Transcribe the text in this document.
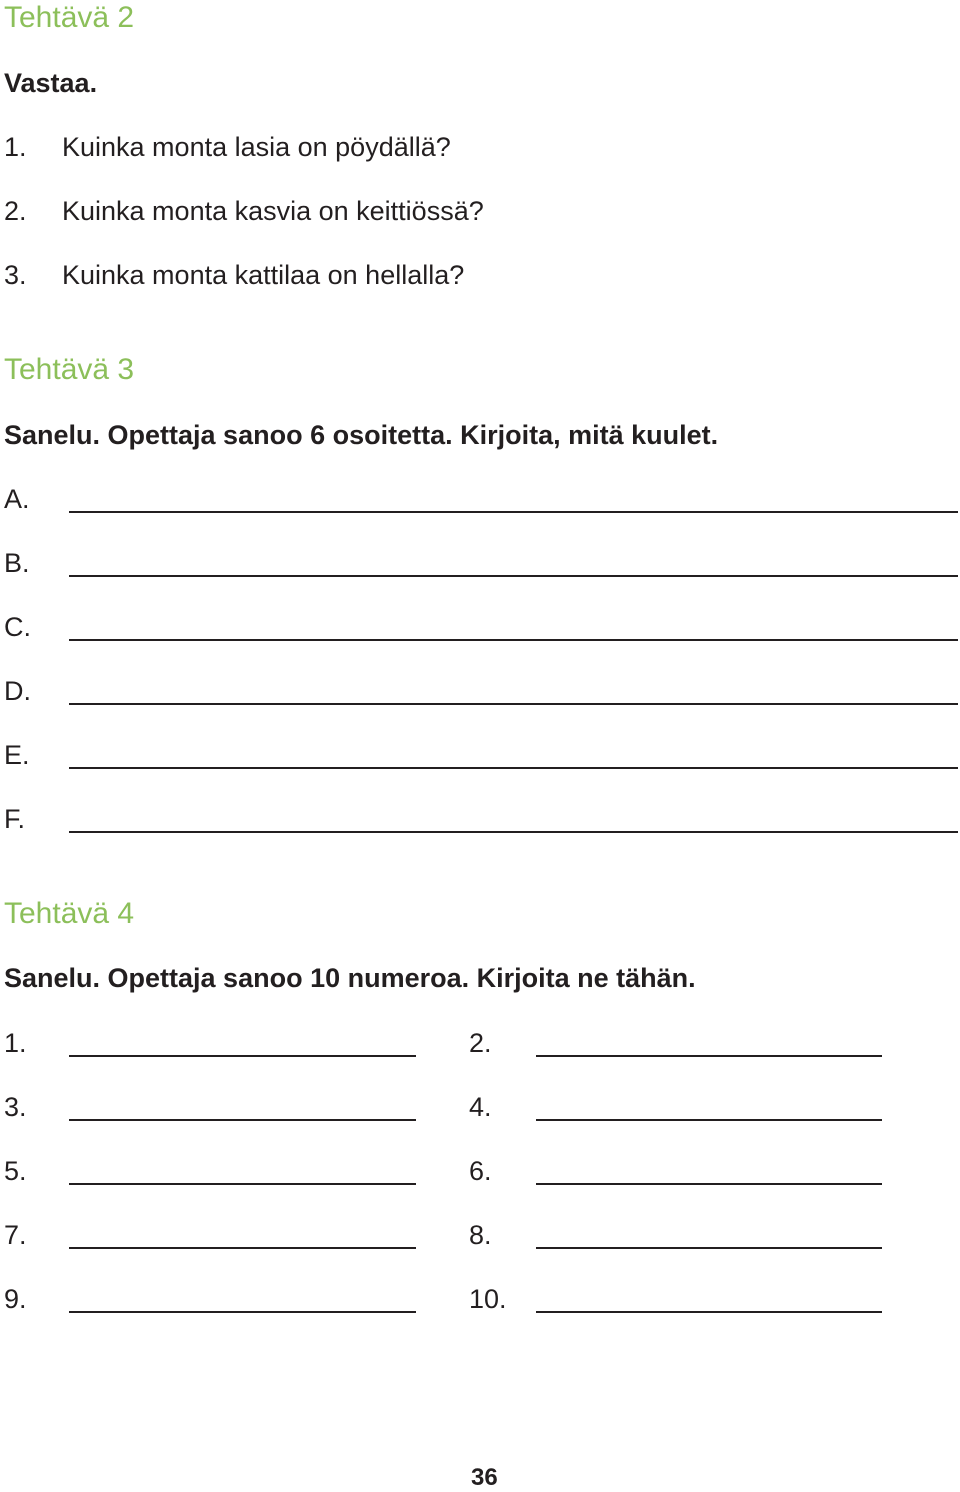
Tehtävä 2
Vastaa.
1. Kuinka monta lasia on pöydällä?
2. Kuinka monta kasvia on keittiössä?
3. Kuinka monta kattilaa on hellalla?
Tehtävä 3
Sanelu. Opettaja sanoo 6 osoitetta. Kirjoita, mitä kuulet.
A.
B.
C.
D.
E.
F.
Tehtävä 4
Sanelu. Opettaja sanoo 10 numeroa. Kirjoita ne tähän.
1.	2.
3.	4.
5.	6.
7.	8.
9.	10.
36
